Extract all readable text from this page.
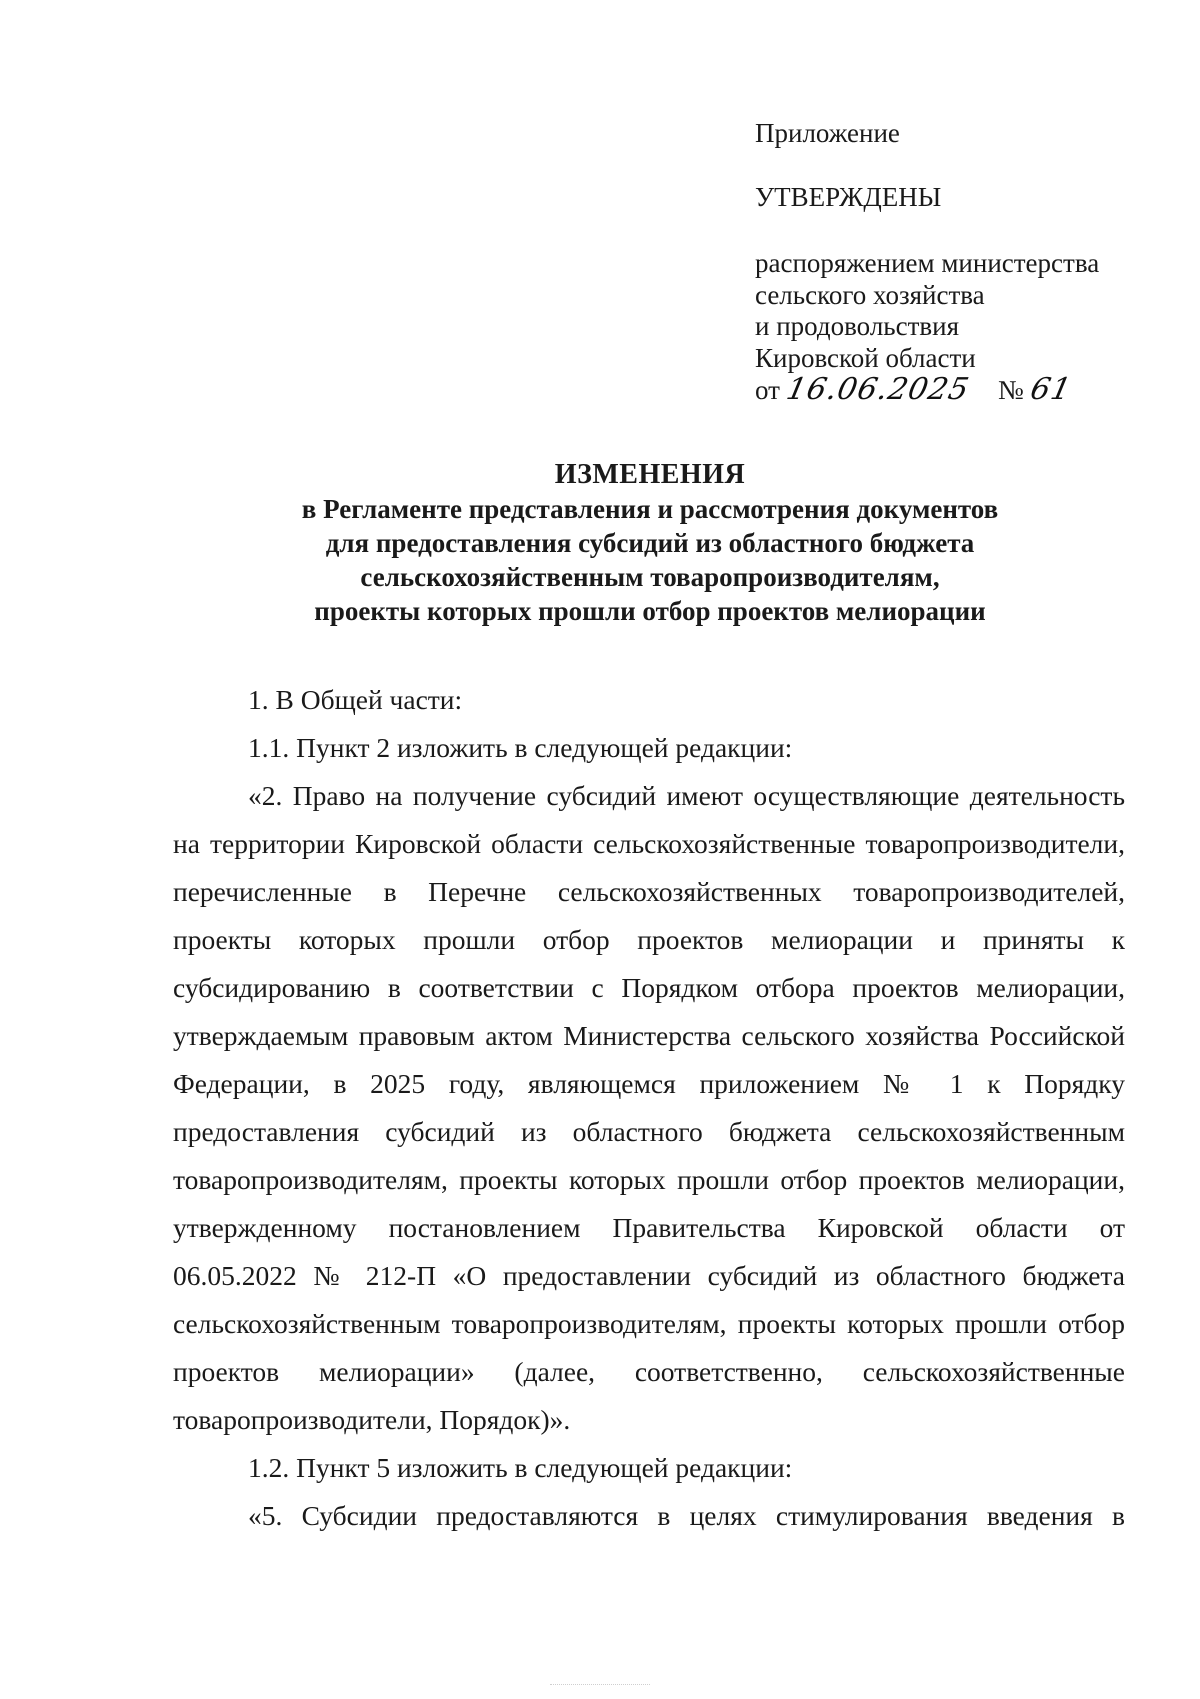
Приложение
УТВЕРЖДЕНЫ
распоряжением министерства
сельского хозяйства
и продовольствия
Кировской области
от 16.06.2025 № 61
ИЗМЕНЕНИЯ
в Регламенте представления и рассмотрения документов
для предоставления субсидий из областного бюджета
сельскохозяйственным товаропроизводителям,
проекты которых прошли отбор проектов мелиорации

1. В Общей части:

1.1. Пункт 2 изложить в следующей редакции:

«2. Право на получение субсидий имеют осуществляющие деятельность на территории Кировской области сельскохозяйственные товаропроизводители, перечисленные в Перечне сельскохозяйственных товаропроизводителей, проекты которых прошли отбор проектов мелиорации и приняты к субсидированию в соответствии с Порядком отбора проектов мелиорации, утверждаемым правовым актом Министерства сельского хозяйства Российской Федерации, в 2025 году, являющемся приложением № 1 к Порядку предоставления субсидий из областного бюджета сельскохозяйственным товаропроизводителям, проекты которых прошли отбор проектов мелиорации, утвержденному постановлением Правительства Кировской области от 06.05.2022 № 212-П «О предоставлении субсидий из областного бюджета сельскохозяйственным товаропроизводителям, проекты которых прошли отбор проектов мелиорации» (далее, соответственно, сельскохозяйственные товаропроизводители, Порядок)».

1.2. Пункт 5 изложить в следующей редакции:

«5. Субсидии предоставляются в целях стимулирования введения в
